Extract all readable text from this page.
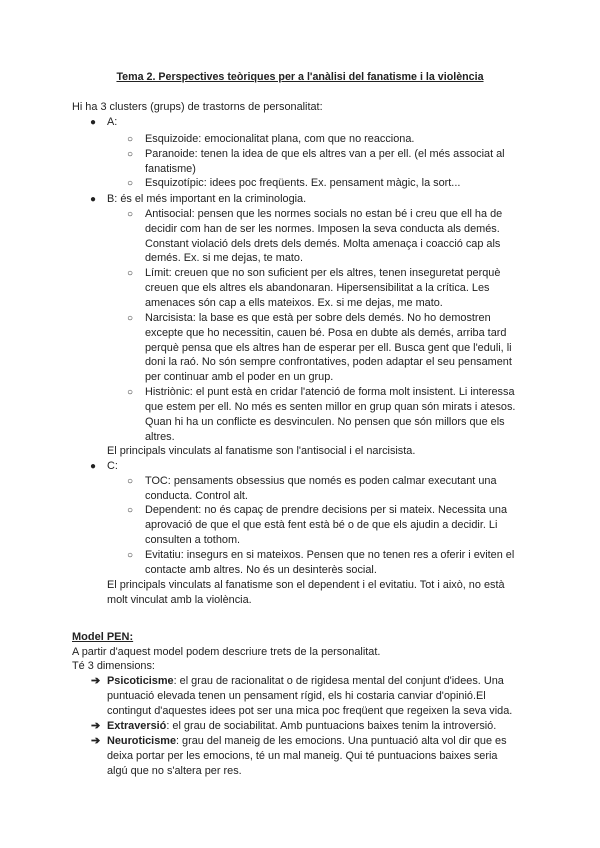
Tema 2. Perspectives teòriques per a l'anàlisi del fanatisme i la violència
Hi ha 3 clusters (grups) de trastorns de personalitat:
● A:
○ Esquizoide: emocionalitat plana, com que no reacciona.
○ Paranoide: tenen la idea de que els altres van a per ell. (el més associat al
fanatisme)
○ Esquizotípic: idees poc freqüents. Ex. pensament màgic, la sort...
● B: és el més important en la criminologia.
○ Antisocial: pensen que les normes socials no estan bé i creu que ell ha de
decidir com han de ser les normes. Imposen la seva conducta als demés.
Constant violació dels drets dels demés. Molta amenaça i coacció cap als
demés. Ex. si me dejas, te mato.
○ Límit: creuen que no son suficient per els altres, tenen inseguretat perquè
creuen que els altres els abandonaran. Hipersensibilitat a la crítica. Les
amenaces són cap a ells mateixos. Ex. si me dejas, me mato.
○ Narcisista: la base es que està per sobre dels demés. No ho demostren
excepte que ho necessitin, cauen bé. Posa en dubte als demés, arriba tard
perquè pensa que els altres han de esperar per ell. Busca gent que l'eduli, li
doni la raó. No són sempre confrontatives, poden adaptar el seu pensament
per continuar amb el poder en un grup.
○ Histriònic: el punt està en cridar l'atenció de forma molt insistent. Li interessa
que estem per ell. No més es senten millor en grup quan són mirats i atesos.
Quan hi ha un conflicte es desvinculen. No pensen que són millors que els
altres.
El principals vinculats al fanatisme son l'antisocial i el narcisista.
● C:
○ TOC: pensaments obsessius que només es poden calmar executant una
conducta. Control alt.
○ Dependent: no és capaç de prendre decisions per si mateix. Necessita una
aprovació de que el que està fent està bé o de que els ajudin a decidir. Li
consulten a tothom.
○ Evitatiu: insegurs en si mateixos. Pensen que no tenen res a oferir i eviten el
contacte amb altres. No és un desinterès social.
El principals vinculats al fanatisme son el dependent i el evitatiu. Tot i això, no està
molt vinculat amb la violència.
Model PEN:
A partir d'aquest model podem descriure trets de la personalitat.
Té 3 dimensions:
➔ Psicoticisme: el grau de racionalitat o de rigidesa mental del conjunt d'idees. Una
puntuació elevada tenen un pensament rígid, els hi costaria canviar d'opinió.El
contingut d'aquestes idees pot ser una mica poc freqüent que regeixen la seva vida.
➔ Extraversió: el grau de sociabilitat. Amb puntuacions baixes tenim la introversió.
➔ Neuroticisme: grau del maneig de les emocions. Una puntuació alta vol dir que es
deixa portar per les emocions, té un mal maneig. Qui té puntuacions baixes seria
algú que no s'altera per res.
